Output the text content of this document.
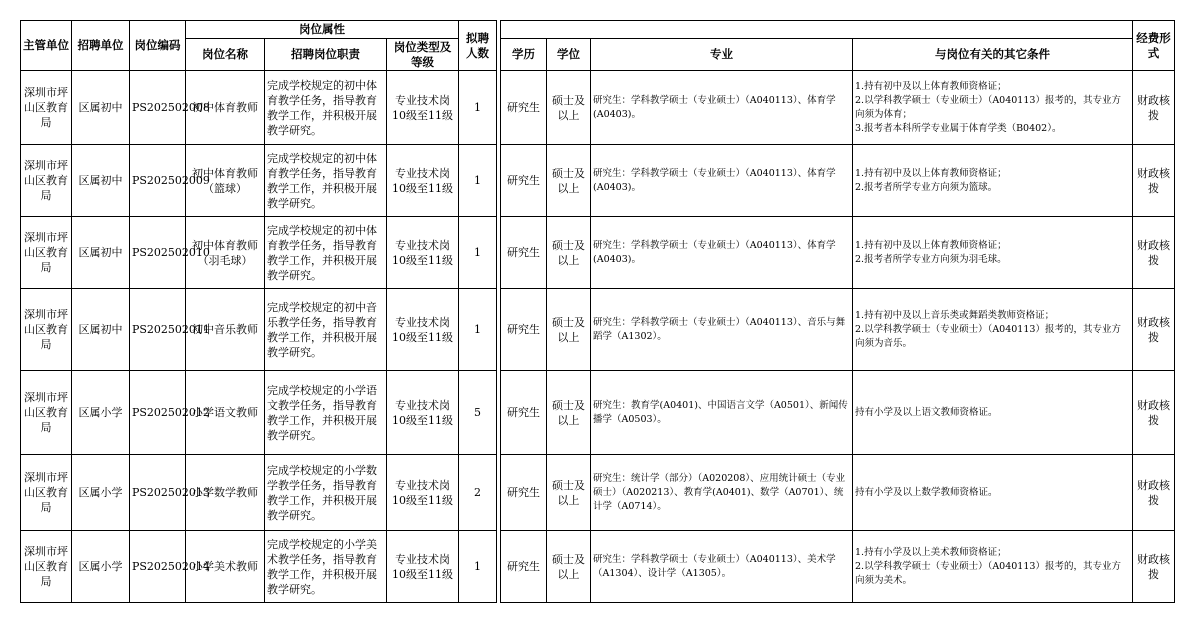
主管单位	招聘单位	岗位编码	岗位属性			拟聘人数						经费形式
			岗位名称	招聘岗位职责	岗位类型及等级			学历	学位	专业	与岗位有关的其它条件	
深圳市坪山区教育局	区属初中	PS202502008	初中体育教师	完成学校规定的初中体育教学任务，指导教育教学工作，并积极开展教学研究。	专业技术岗10级至11级	1		研究生	硕士及以上	研究生：学科教学硕士（专业硕士）（A040113）、体育学(A0403)。	1.持有初中及以上体育教师资格证；
2.以学科教学硕士（专业硕士）（A040113）报考的，其专业方向须为体育；
3.报考者本科所学专业属于体育学类（B0402）。	财政核拨
深圳市坪山区教育局	区属初中	PS202502009	初中体育教师（篮球）	完成学校规定的初中体育教学任务，指导教育教学工作，并积极开展教学研究。	专业技术岗10级至11级	1		研究生	硕士及以上	研究生：学科教学硕士（专业硕士）（A040113）、体育学(A0403)。	1.持有初中及以上体育教师资格证；
2.报考者所学专业方向须为篮球。	财政核拨
深圳市坪山区教育局	区属初中	PS202502010	初中体育教师（羽毛球）	完成学校规定的初中体育教学任务，指导教育教学工作，并积极开展教学研究。	专业技术岗10级至11级	1		研究生	硕士及以上	研究生：学科教学硕士（专业硕士）（A040113）、体育学(A0403)。	1.持有初中及以上体育教师资格证；
2.报考者所学专业方向须为羽毛球。	财政核拨
深圳市坪山区教育局	区属初中	PS202502011	初中音乐教师	完成学校规定的初中音乐教学任务，指导教育教学工作，并积极开展教学研究。	专业技术岗10级至11级	1		研究生	硕士及以上	研究生：学科教学硕士（专业硕士）（A040113）、音乐与舞蹈学（A1302）。	1.持有初中及以上音乐类或舞蹈类教师资格证；
2.以学科教学硕士（专业硕士）（A040113）报考的，其专业方向须为音乐。	财政核拨
深圳市坪山区教育局	区属小学	PS202502012	小学语文教师	完成学校规定的小学语文教学任务，指导教育教学工作，并积极开展教学研究。	专业技术岗10级至11级	5		研究生	硕士及以上	研究生：教育学(A0401)、中国语言文学（A0501）、新闻传播学（A0503）。	持有小学及以上语文教师资格证。	财政核拨
深圳市坪山区教育局	区属小学	PS202502013	小学数学教师	完成学校规定的小学数学教学任务，指导教育教学工作，并积极开展教学研究。	专业技术岗10级至11级	2		研究生	硕士及以上	研究生：统计学（部分）（A020208）、应用统计硕士（专业硕士）（A020213）、教育学(A0401)、数学（A0701）、统计学（A0714）。	持有小学及以上数学教师资格证。	财政核拨
深圳市坪山区教育局	区属小学	PS202502014	小学美术教师	完成学校规定的小学美术教学任务，指导教育教学工作，并积极开展教学研究。	专业技术岗10级至11级	1		研究生	硕士及以上	研究生：学科教学硕士（专业硕士）（A040113）、美术学（A1304）、设计学（A1305）。	1.持有小学及以上美术教师资格证；
2.以学科教学硕士（专业硕士）（A040113）报考的，其专业方向须为美术。	财政核拨
